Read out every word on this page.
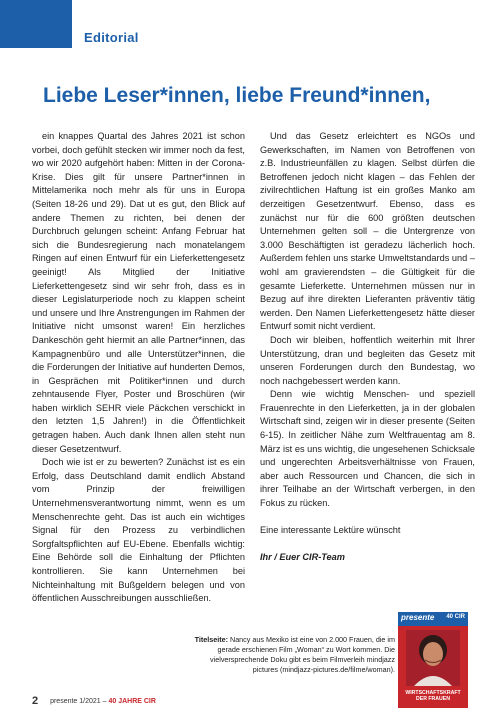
Editorial
Liebe Leser*innen, liebe Freund*innen,

ein knappes Quartal des Jahres 2021 ist schon vorbei, doch gefühlt stecken wir immer noch da fest, wo wir 2020 aufgehört haben: Mitten in der Corona-Krise. Dies gilt für unsere Partner*innen in Mittelamerika noch mehr als für uns in Europa (Seiten 18-26 und 29). Dat ut es gut, den Blick auf andere Themen zu richten, bei denen der Durchbruch gelungen scheint: Anfang Februar hat sich die Bundesregierung nach monatelangem Ringen auf einen Entwurf für ein Lieferkettengesetz geeinigt! Als Mitglied der Initiative Lieferkettengesetz sind wir sehr froh, dass es in dieser Legislaturperiode noch zu klappen scheint und unsere und Ihre Anstrengungen im Rahmen der Initiative nicht umsonst waren! Ein herzliches Dankeschön geht hiermit an alle Partner*innen, das Kampagnenbüro und alle Unterstützer*innen, die die Forderungen der Initiative auf hunderten Demos, in Gesprächen mit Politiker*innen und durch zehntausende Flyer, Poster und Broschüren (wir haben wirklich SEHR viele Päckchen verschickt in den letzten 1,5 Jahren!) in die Öffentlichkeit getragen haben. Auch dank Ihnen allen steht nun dieser Gesetzentwurf.

Doch wie ist er zu bewerten? Zunächst ist es ein Erfolg, dass Deutschland damit endlich Abstand vom Prinzip der freiwilligen Unternehmensverantwortung nimmt, wenn es um Menschenrechte geht. Das ist auch ein wichtiges Signal für den Prozess zu verbindlichen Sorgfaltspflichten auf EU-Ebene. Ebenfalls wichtig: Eine Behörde soll die Einhaltung der Pflichten kontrollieren. Sie kann Unternehmen bei Nichteinhaltung mit Bußgeldern belegen und von öffentlichen Ausschreibungen ausschließen.

Und das Gesetz erleichtert es NGOs und Gewerkschaften, im Namen von Betroffenen von z.B. Industrieunfällen zu klagen. Selbst dürfen die Betroffenen jedoch nicht klagen – das Fehlen der zivilrechtlichen Haftung ist ein großes Manko am derzeitigen Gesetzentwurf. Ebenso, dass es zunächst nur für die 600 größten deutschen Unternehmen gelten soll – die Untergrenze von 3.000 Beschäftigten ist geradezu lächerlich hoch. Außerdem fehlen uns starke Umweltstandards und – wohl am gravierendsten – die Gültigkeit für die gesamte Lieferkette. Unternehmen müssen nur in Bezug auf ihre direkten Lieferanten präventiv tätig werden. Den Namen Lieferkettengesetz hätte dieser Entwurf somit nicht verdient.

Doch wir bleiben, hoffentlich weiterhin mit Ihrer Unterstützung, dran und begleiten das Gesetz mit unseren Forderungen durch den Bundestag, wo noch nachgebessert werden kann.

Denn wie wichtig Menschen- und speziell Frauenrechte in den Lieferketten, ja in der globalen Wirtschaft sind, zeigen wir in dieser presente (Seiten 6-15). In zeitlicher Nähe zum Weltfrauentag am 8. März ist es uns wichtig, die ungesehenen Schicksale und ungerechten Arbeitsverhältnisse von Frauen, aber auch Ressourcen und Chancen, die sich in ihrer Teilhabe an der Wirtschaft verbergen, in den Fokus zu rücken.

Eine interessante Lektüre wünscht

Ihr / Euer CIR-Team

Titelseite: Nancy aus Mexiko ist eine von 2.000 Frauen, die im gerade erschienen Film „Woman“ zu Wort kommen. Die vielversprechende Doku gibt es beim Filmverleih mindjazz pictures (mindjazz-pictures.de/filme/woman).
presente 40 CIR
WIRTSCHAFTSKRAFT DER FRAUEN
2 presente 1/2021 – 40 JAHRE CIR
